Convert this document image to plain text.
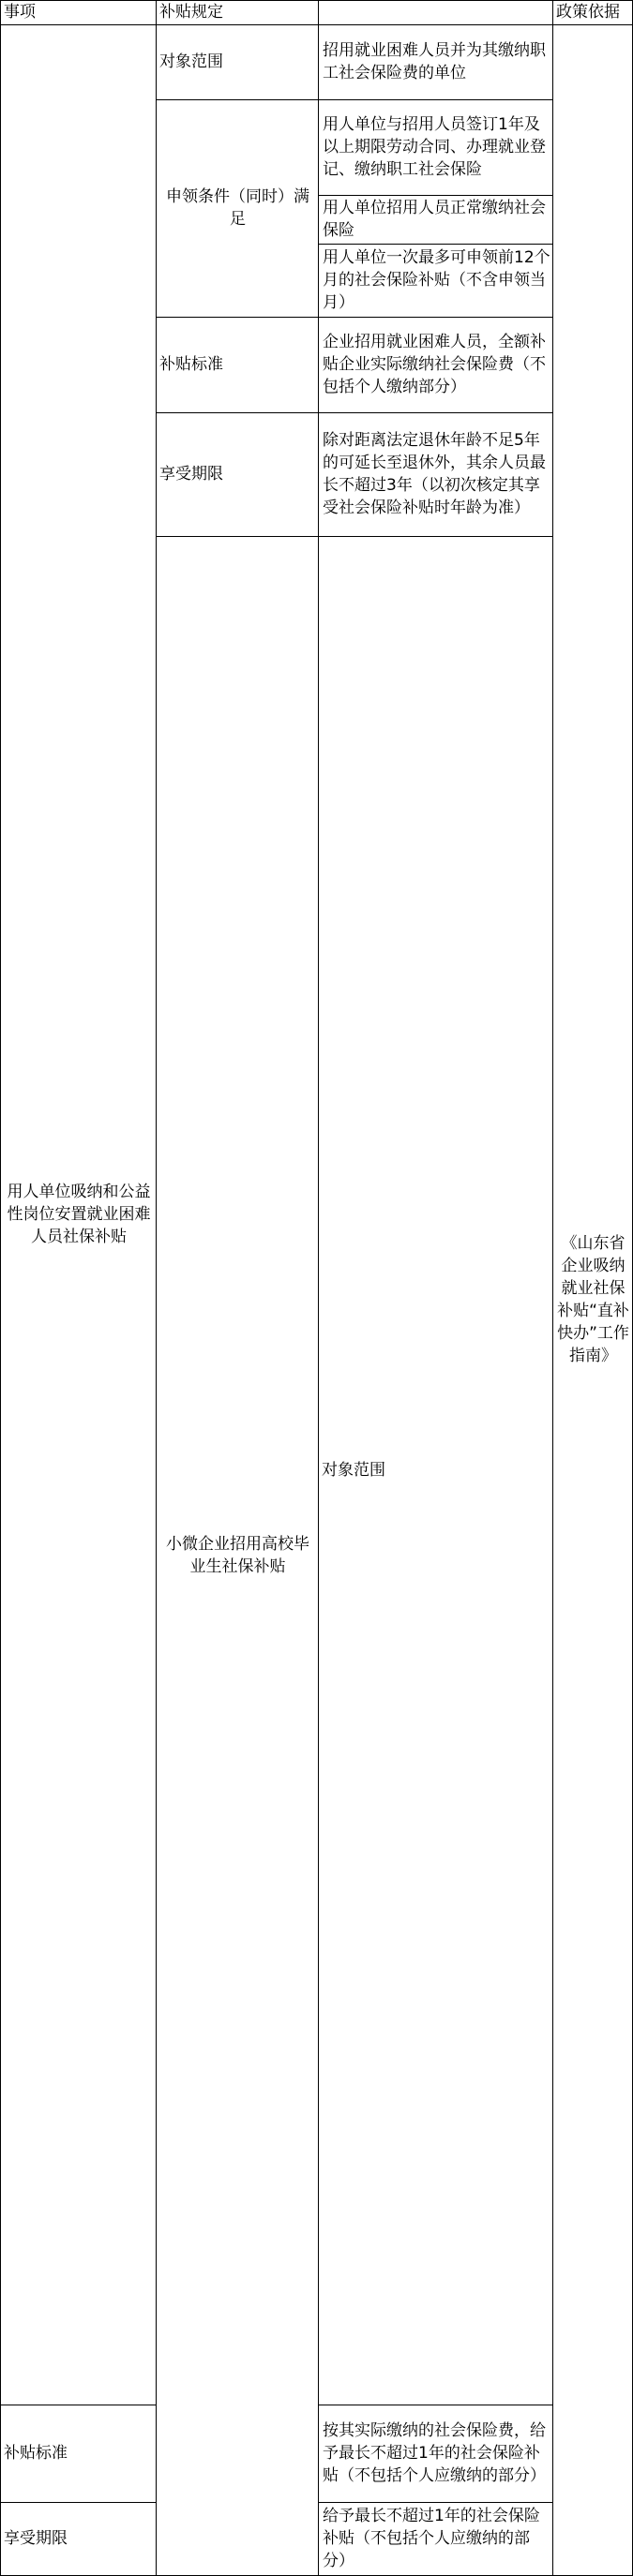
事项	补贴规定		政策依据	
用人单位吸纳和公益性岗位安置就业困难人员社保补贴	对象范围	招用就业困难人员并为其缴纳职工社会保险费的单位	《山东省企业吸纳就业社保补贴“直补快办”工作指南》	
	申领条件（同时）满足	用人单位与招用人员签订1年及以上期限劳动合同、办理就业登记、缴纳职工社会保险		
		用人单位招用人员正常缴纳社会保险		
		用人单位一次最多可申领前12个月的社会保险补贴（不含申领当月）		
	补贴标准	企业招用就业困难人员，全额补贴企业实际缴纳社会保险费（不包括个人缴纳部分）		
	享受期限	除对距离法定退休年龄不足5年的可延长至退休外，其余人员最长不超过3年（以初次核定其享受社会保险补贴时年龄为准）		
	小微企业招用高校毕业生社保补贴	对象范围	
补贴标准		按其实际缴纳的社会保险费，给予最长不超过1年的社会保险补贴（不包括个人应缴纳的部分）		
享受期限		给予最长不超过1年的社会保险补贴（不包括个人应缴纳的部分）		
